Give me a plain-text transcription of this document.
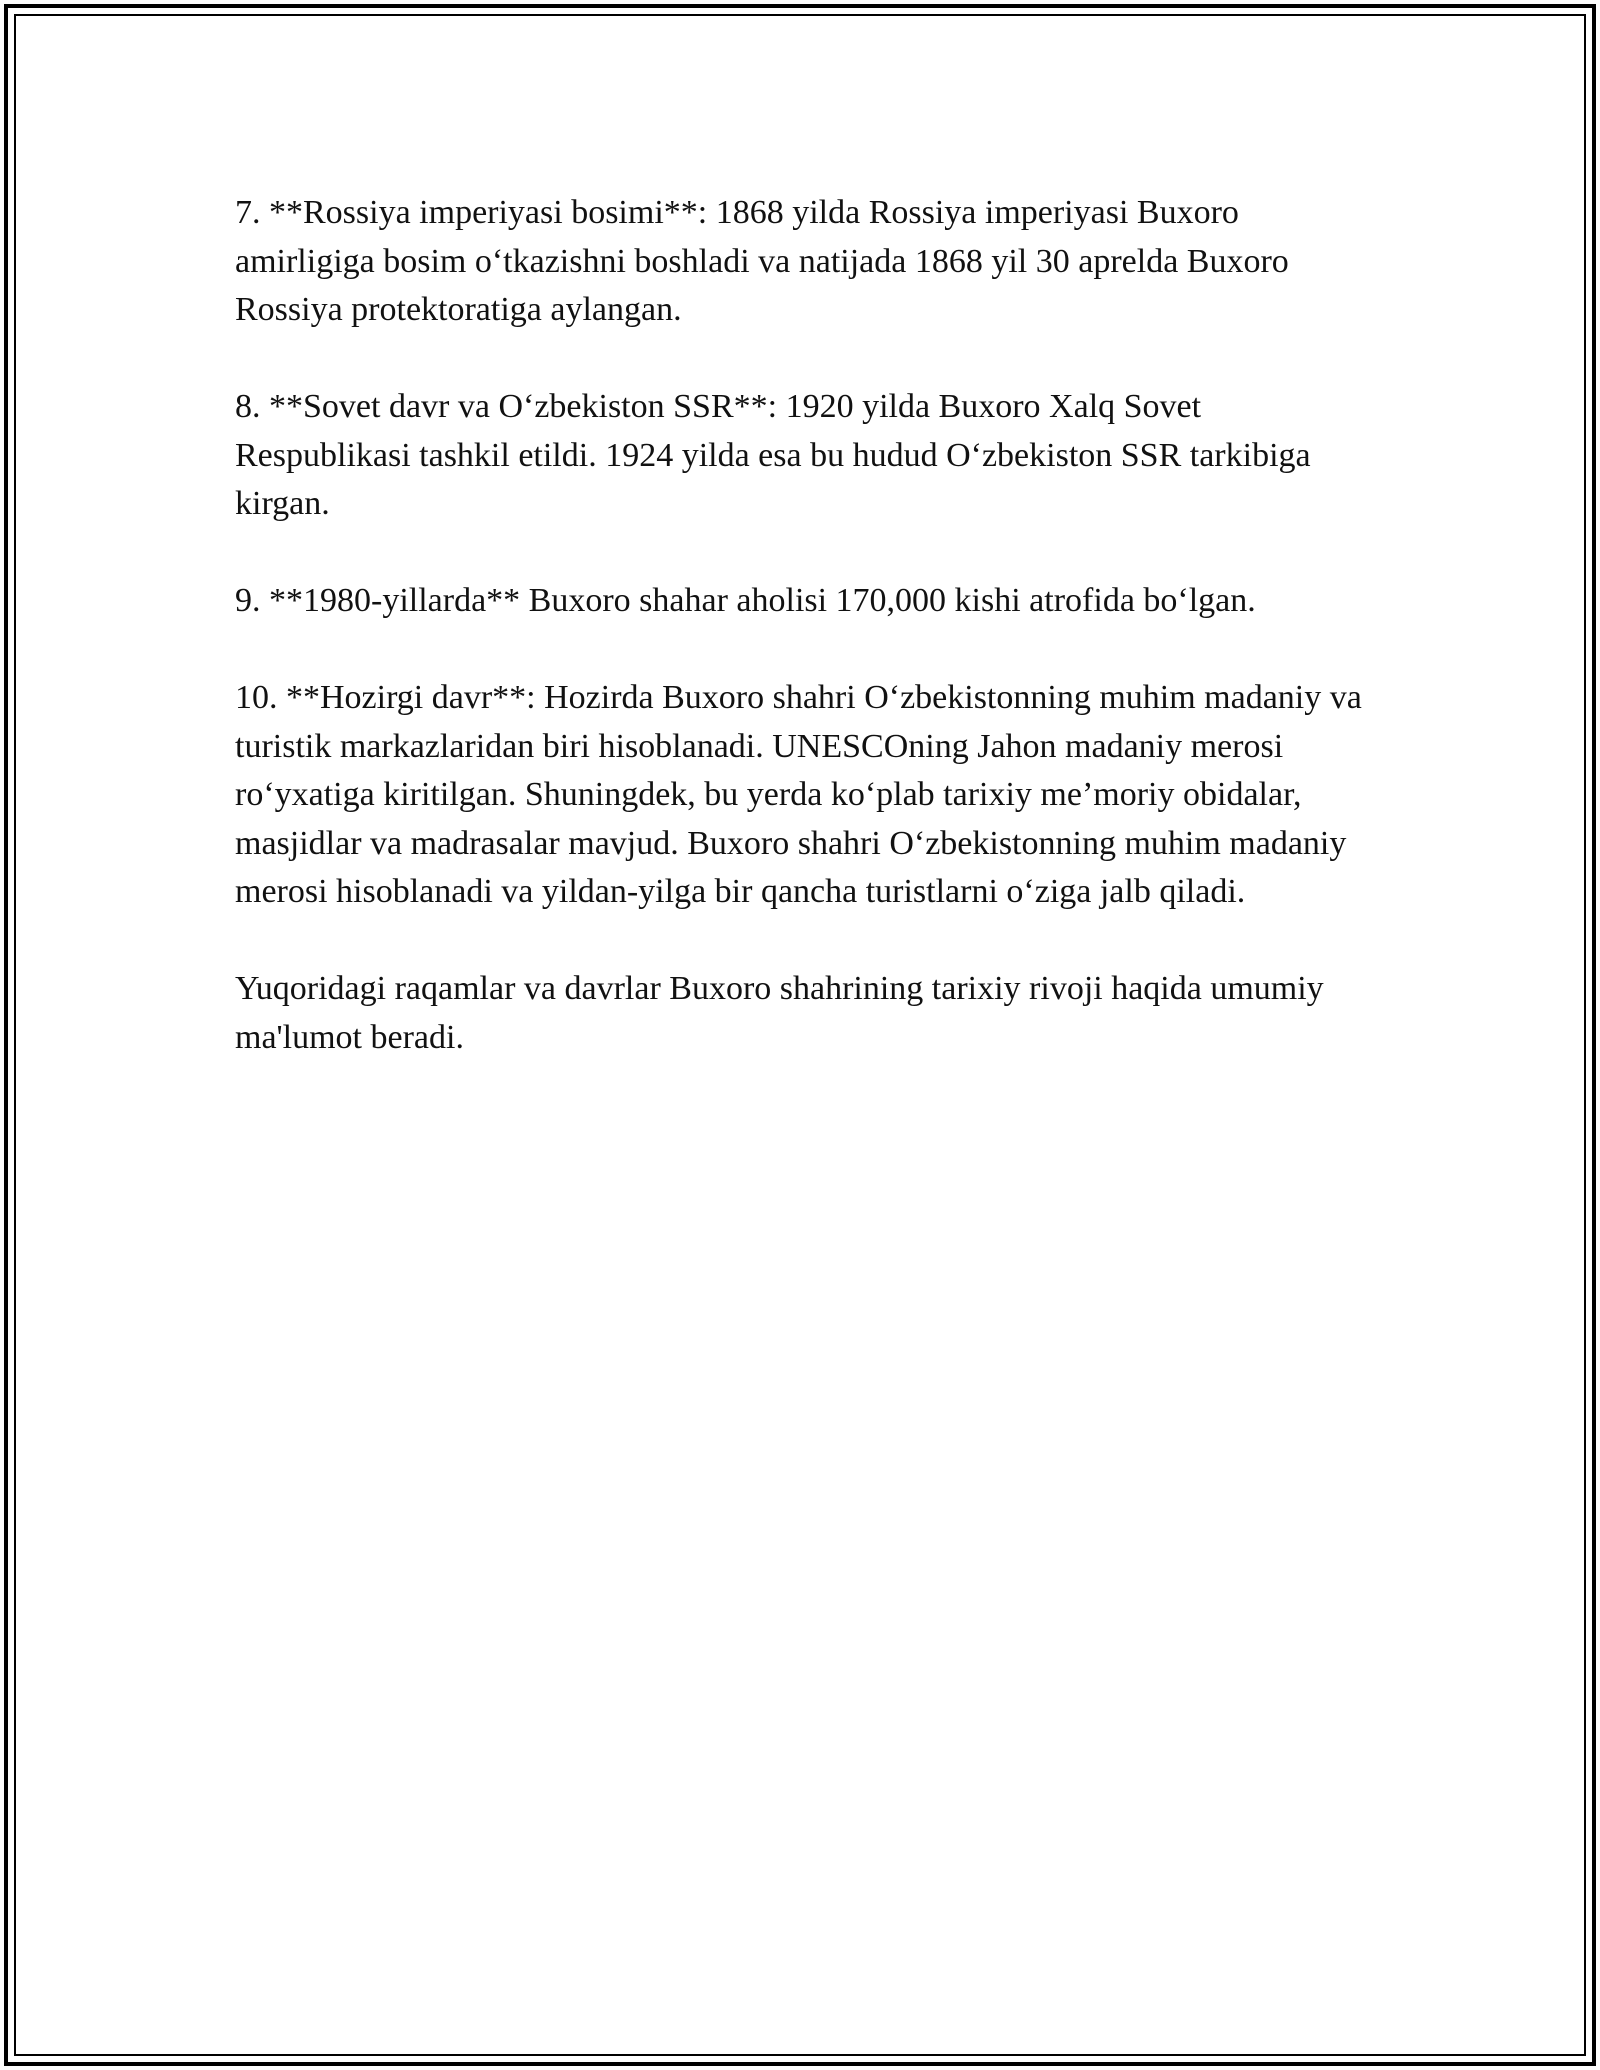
7. **Rossiya imperiyasi bosimi**: 1868 yilda Rossiya imperiyasi Buxoro amirligiga bosim o‘tkazishni boshladi va natijada 1868 yil 30 aprelda Buxoro Rossiya protektoratiga aylangan.

8. **Sovet davr va O‘zbekiston SSR**: 1920 yilda Buxoro Xalq Sovet Respublikasi tashkil etildi. 1924 yilda esa bu hudud O‘zbekiston SSR tarkibiga kirgan.

9. **1980-yillarda** Buxoro shahar aholisi 170,000 kishi atrofida bo‘lgan.

10. **Hozirgi davr**: Hozirda Buxoro shahri O‘zbekistonning muhim madaniy va turistik markazlaridan biri hisoblanadi. UNESCOning Jahon madaniy merosi ro‘yxatiga kiritilgan. Shuningdek, bu yerda ko‘plab tarixiy me’moriy obidalar, masjidlar va madrasalar mavjud. Buxoro shahri O‘zbekistonning muhim madaniy merosi hisoblanadi va yildan-yilga bir qancha turistlarni o‘ziga jalb qiladi.

Yuqoridagi raqamlar va davrlar Buxoro shahrining tarixiy rivoji haqida umumiy ma'lumot beradi.
